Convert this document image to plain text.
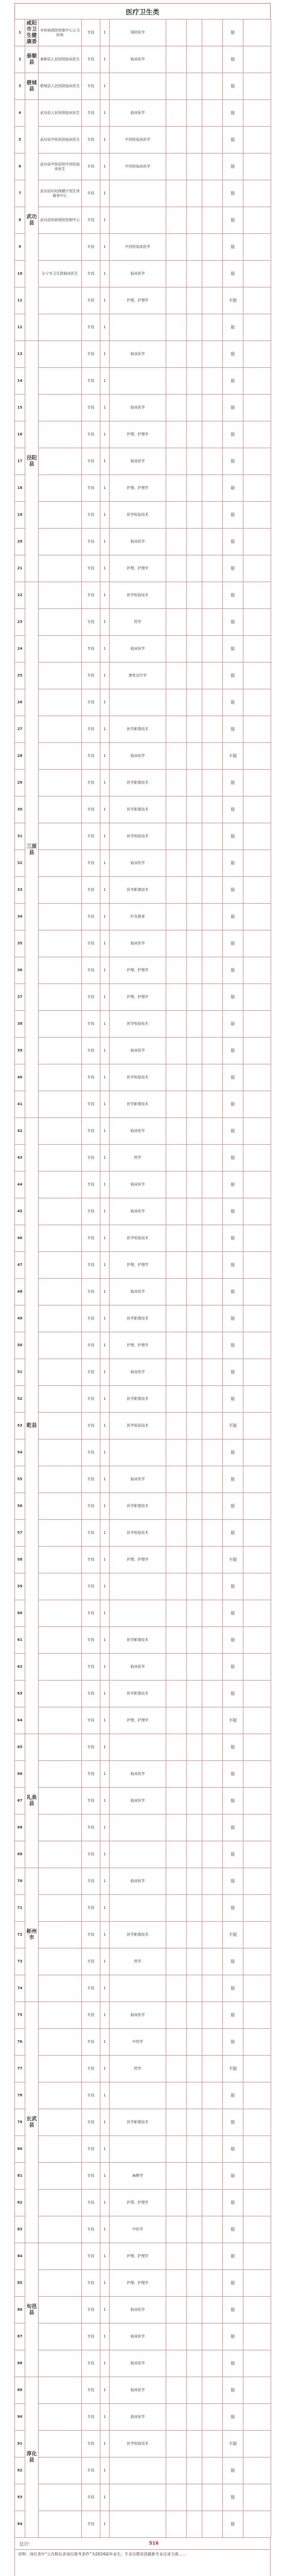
医疗卫生类
1	咸阳市卫生健康委	市疾病预防控制中心公卫医师	专技	1	预防医学				限	
2	泰顺县	泰顺县人民医院临床医生	专技	1	临床医学				限	
3	碧城县	碧城县人民医院临床医生	专技	1					限	
4	武功县	武功县人民医院临床医生	专技	1	临床医学				限	
5		武功县中医医院临床医生	专技	1	中西医临床医学				限	
6		武功县中医医院中西医临床医生	专技	1	中西医临床医学				限	
7		武功县妇幼保健计划生育服务中心	专技	1					限	
8		武功县疾病预防控制中心	专技	1					限	
9			专技	1	中西医临床医学				限	
10		长宁乡卫生院临床医生	专技	1	临床医学				限	
11			专技	1	护理、护理学				不限	
12			专技	1					限	
13	泾阳县		专技	1	临床医学				限	
14			专技	1					限	
15			专技	1	临床医学				限	
16			专技	1	护理、护理学				限	
17			专技	1	临床医学				限	
18			专技	1	护理、护理学				限	
19			专技	1	医学检验技术				限	
20			专技	1	临床医学				限	
21			专技	1	护理、护理学				限	
22	三原县		专技	1	医学检验技术				限	
23			专技	1	药学				限	
24			专技	1	临床医学				限	
25			专技	1	康复治疗学				限	
26			专技	1					限	
27			专技	1	医学影像技术				限	
28			专技	1	临床医学				不限	
29			专技	1	医学影像技术				限	
30			专技	1	医学影像技术				限	
31			专技	1	医学检验技术				限	
32			专技	1	临床医学				限	
33			专技	1	医学影像技术				限	
34			专技	1	针灸推拿				限	
35			专技	1	临床医学				限	
36			专技	1	护理、护理学				限	
37			专技	1	护理、护理学				限	
38			专技	1	医学检验技术				限	
39			专技	1	临床医学				限	
40			专技	1	医学检验技术				限	
41			专技	1	医学影像技术				限	
42	乾县		专技	1	临床医学				限	
43			专技	1	药学				限	
44			专技	1	临床医学				限	
45			专技	1	临床医学				限	
46			专技	1	医学检验技术				限	
47			专技	1	护理、护理学				限	
48			专技	1	临床医学				限	
49			专技	1	医学影像技术				限	
50			专技	1	护理、护理学				限	
51			专技	1	临床医学				限	
52			专技	1	医学影像技术				限	
53			专技	1	医学检验技术				不限	
54			专技	1					限	
55			专技	1	临床医学				限	
56			专技	1	医学影像技术				限	
57			专技	1	医学检验技术				限	
58			专技	1	护理、护理学				不限	
59			专技	1					限	
60			专技	1					限	
61			专技	1	医学影像技术				限	
62			专技	1	临床医学				限	
63			专技	1	医学影像技术				限	
64			专技	1	护理、护理学				不限	
65	礼泉县		专技	1					限	
66			专技	1	临床医学				限	
67			专技	1	临床医学				限	
68			专技	1					限	
69			专技	1					限	
70	彬州市		专技	1	临床医学				限	
71			专技	1					限	
72			专技	1	医学影像技术				不限	
73			专技	1	药学				限	
74			专技	1					限	
75	长武县		专技	1	临床医学				限	
76			专技	1	中药学				限	
77			专技	1	药学				不限	
78			专技	1					限	
79			专技	1	医学影像技术				限	
80			专技	1					限	
81			专技	1	麻醉学				限	
82			专技	1	护理、护理学				限	
83			专技	1	中医学				限	
84	旬邑县		专技	1	护理、护理学				限	
85			专技	1	护理、护理学				限	
86			专技	1	临床医学				限	
87			专技	1	临床医学				限	
88			专技	1	临床医学				限	
89	淳化县		专技	1	临床医学				限	
90			专技	1	临床医学				限	
91			专技	1	医学检验技术				不限	
92			专技	1					限	
93			专技	1					限	
94			专技	1					限	
总计：	516
说明：岗位表中“公告附后各岗位报考条件”为2024届毕业生，专业以教育部最新专业目录为准……
